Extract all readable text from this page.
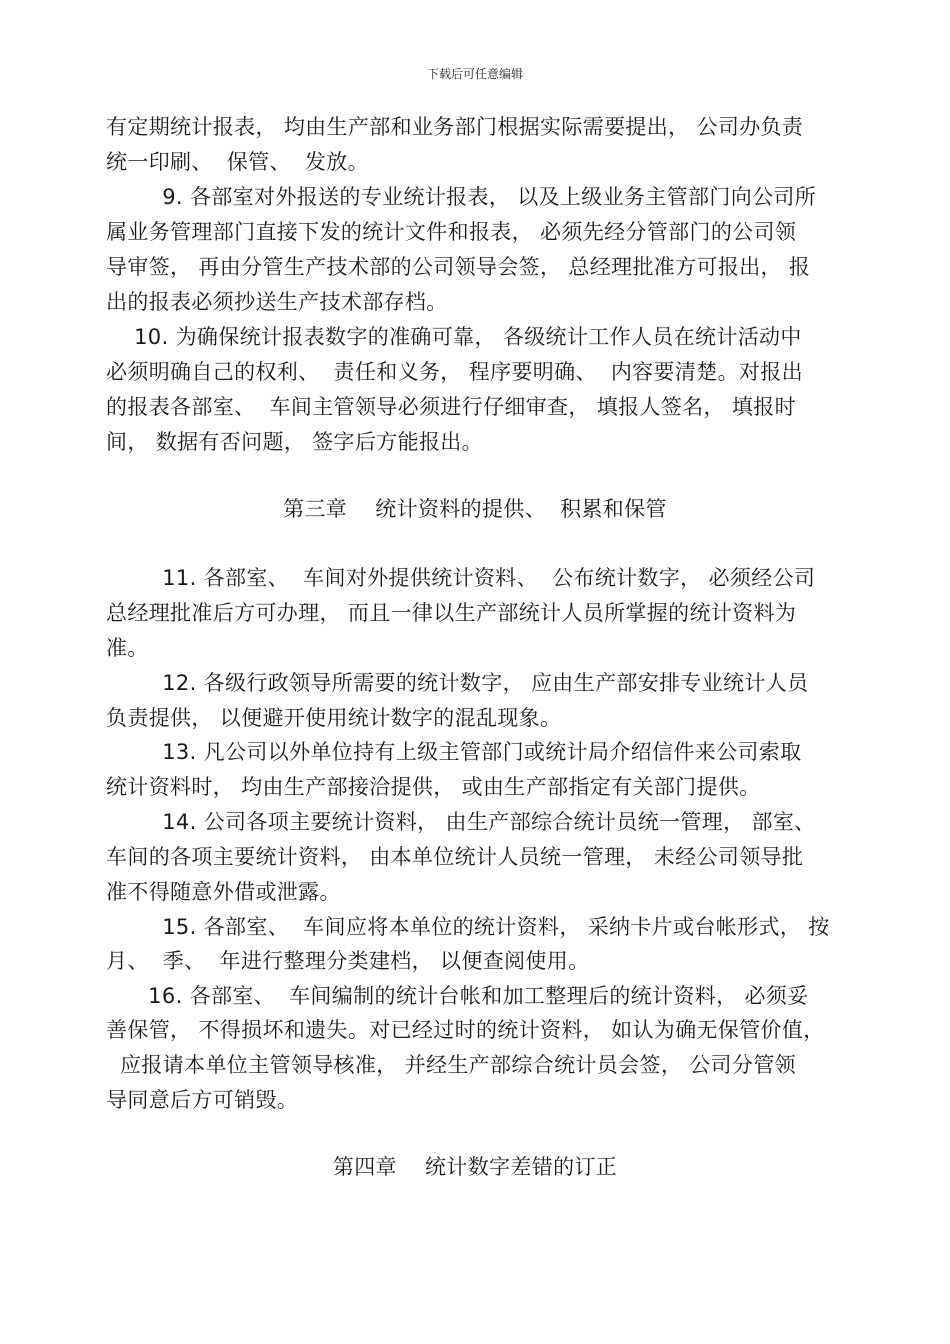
下载后可任意编辑
有定期统计报表， 均由生产部和业务部门根据实际需要提出， 公司办负责
统一印刷、  保管、  发放。
9. 各部室对外报送的专业统计报表， 以及上级业务主管部门向公司所
属业务管理部门直接下发的统计文件和报表， 必须先经分管部门的公司领
导审签， 再由分管生产技术部的公司领导会签， 总经理批准方可报出， 报
出的报表必须抄送生产技术部存档。
10. 为确保统计报表数字的准确可靠， 各级统计工作人员在统计活动中
必须明确自己的权利、  责任和义务， 程序要明确、  内容要清楚。对报出
的报表各部室、  车间主管领导必须进行仔细审查， 填报人签名， 填报时
间， 数据有否问题， 签字后方能报出。
第三章    统计资料的提供、  积累和保管
11. 各部室、  车间对外提供统计资料、  公布统计数字， 必须经公司
总经理批准后方可办理， 而且一律以生产部统计人员所掌握的统计资料为
准。
12. 各级行政领导所需要的统计数字， 应由生产部安排专业统计人员
负责提供， 以便避开使用统计数字的混乱现象。
13. 凡公司以外单位持有上级主管部门或统计局介绍信件来公司索取
统计资料时， 均由生产部接洽提供， 或由生产部指定有关部门提供。
14. 公司各项主要统计资料， 由生产部综合统计员统一管理， 部室、
车间的各项主要统计资料， 由本单位统计人员统一管理， 未经公司领导批
准不得随意外借或泄露。
15. 各部室、  车间应将本单位的统计资料， 采纳卡片或台帐形式， 按
月、  季、  年进行整理分类建档， 以便查阅使用。
16. 各部室、  车间编制的统计台帐和加工整理后的统计资料， 必须妥
善保管， 不得损坏和遗失。对已经过时的统计资料， 如认为确无保管价值，
应报请本单位主管领导核准， 并经生产部综合统计员会签， 公司分管领
导同意后方可销毁。
第四章    统计数字差错的订正
